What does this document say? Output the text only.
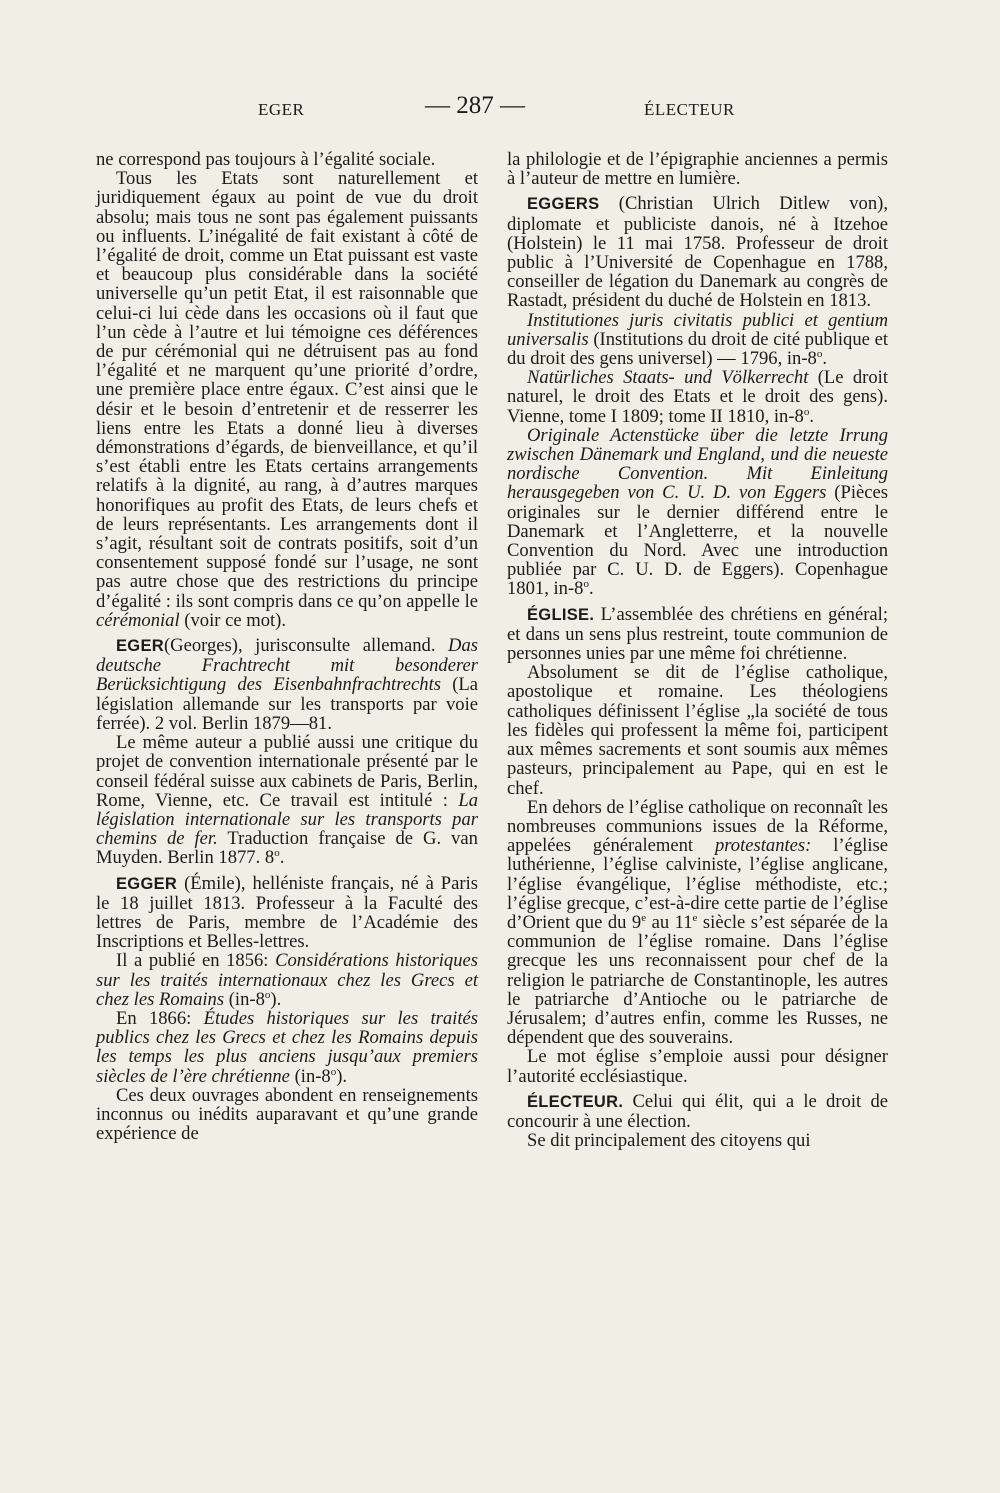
EGER	— 287 —	ÉLECTEUR

ne correspond pas toujours à l’égalité sociale.

Tous les Etats sont naturellement et juridiquement égaux au point de vue du droit absolu; mais tous ne sont pas également puissants ou influents. L’inégalité de fait existant à côté de l’égalité de droit, comme un Etat puissant est vaste et beaucoup plus considérable dans la société universelle qu’un petit Etat, il est raisonnable que celui-ci lui cède dans les occasions où il faut que l’un cède à l’autre et lui témoigne ces déférences de pur cérémonial qui ne détruisent pas au fond l’égalité et ne marquent qu’une priorité d’ordre, une première place entre égaux. C’est ainsi que le désir et le besoin d’entretenir et de resserrer les liens entre les Etats a donné lieu à diverses démonstrations d’égards, de bienveillance, et qu’il s’est établi entre les Etats certains arrangements relatifs à la dignité, au rang, à d’autres marques honorifiques au profit des Etats, de leurs chefs et de leurs représentants. Les arrangements dont il s’agit, résultant soit de contrats positifs, soit d’un consentement supposé fondé sur l’usage, ne sont pas autre chose que des restrictions du principe d’égalité : ils sont compris dans ce qu’on appelle le cérémonial (voir ce mot).

EGER(Georges), jurisconsulte allemand. Das deutsche Frachtrecht mit besonderer Berücksichtigung des Eisenbahnfrachtrechts (La législation allemande sur les transports par voie ferrée). 2 vol. Berlin 1879—81.

Le même auteur a publié aussi une critique du projet de convention internationale présenté par le conseil fédéral suisse aux cabinets de Paris, Berlin, Rome, Vienne, etc. Ce travail est intitulé : La législation internationale sur les transports par chemins de fer. Traduction française de G. van Muyden. Berlin 1877. 8$^o$.

EGGER (Émile), helléniste français, né à Paris le 18 juillet 1813. Professeur à la Faculté des lettres de Paris, membre de l’Académie des Inscriptions et Belles-lettres.

Il a publié en 1856: Considérations historiques sur les traités internationaux chez les Grecs et chez les Romains (in-8$^o$).

En 1866: Études historiques sur les traités publics chez les Grecs et chez les Romains depuis les temps les plus anciens jusqu’aux premiers siècles de l’ère chrétienne (in-8$^o$).

Ces deux ouvrages abondent en renseignements inconnus ou inédits auparavant et qu’une grande expérience de

la philologie et de l’épigraphie anciennes a permis à l’auteur de mettre en lumière.

EGGERS (Christian Ulrich Ditlew von), diplomate et publiciste danois, né à Itzehoe (Holstein) le 11 mai 1758. Professeur de droit public à l’Université de Copenhague en 1788, conseiller de légation du Danemark au congrès de Rastadt, président du duché de Holstein en 1813.

Institutiones juris civitatis publici et gentium universalis (Institutions du droit de cité publique et du droit des gens universel) — 1796, in-8$^o$.

Natürliches Staats- und Völkerrecht (Le droit naturel, le droit des Etats et le droit des gens). Vienne, tome I 1809; tome II 1810, in-8$^o$.

Originale Actenstücke über die letzte Irrung zwischen Dänemark und England, und die neueste nordische Convention. Mit Einleitung herausgegeben von C. U. D. von Eggers (Pièces originales sur le dernier différend entre le Danemark et l’Angletterre, et la nouvelle Convention du Nord. Avec une introduction publiée par C. U. D. de Eggers). Copenhague 1801, in-8$^o$.

ÉGLISE. L’assemblée des chrétiens en général; et dans un sens plus restreint, toute communion de personnes unies par une même foi chrétienne.

Absolument se dit de l’église catholique, apostolique et romaine. Les théologiens catholiques définissent l’église „la société de tous les fidèles qui professent la même foi, participent aux mêmes sacrements et sont soumis aux mêmes pasteurs, principalement au Pape, qui en est le chef.

En dehors de l’église catholique on reconnaît les nombreuses communions issues de la Réforme, appelées généralement protestantes: l’église luthérienne, l’église calviniste, l’église anglicane, l’église évangélique, l’église méthodiste, etc.; l’église grecque, c’est-à-dire cette partie de l’église d’Orient que du 9e au 11e siècle s’est séparée de la communion de l’église romaine. Dans l’église grecque les uns reconnaissent pour chef de la religion le patriarche de Constantinople, les autres le patriarche d’Antioche ou le patriarche de Jérusalem; d’autres enfin, comme les Russes, ne dépendent que des souverains.

Le mot église s’emploie aussi pour désigner l’autorité ecclésiastique.

ÉLECTEUR. Celui qui élit, qui a le droit de concourir à une élection.

Se dit principalement des citoyens qui
